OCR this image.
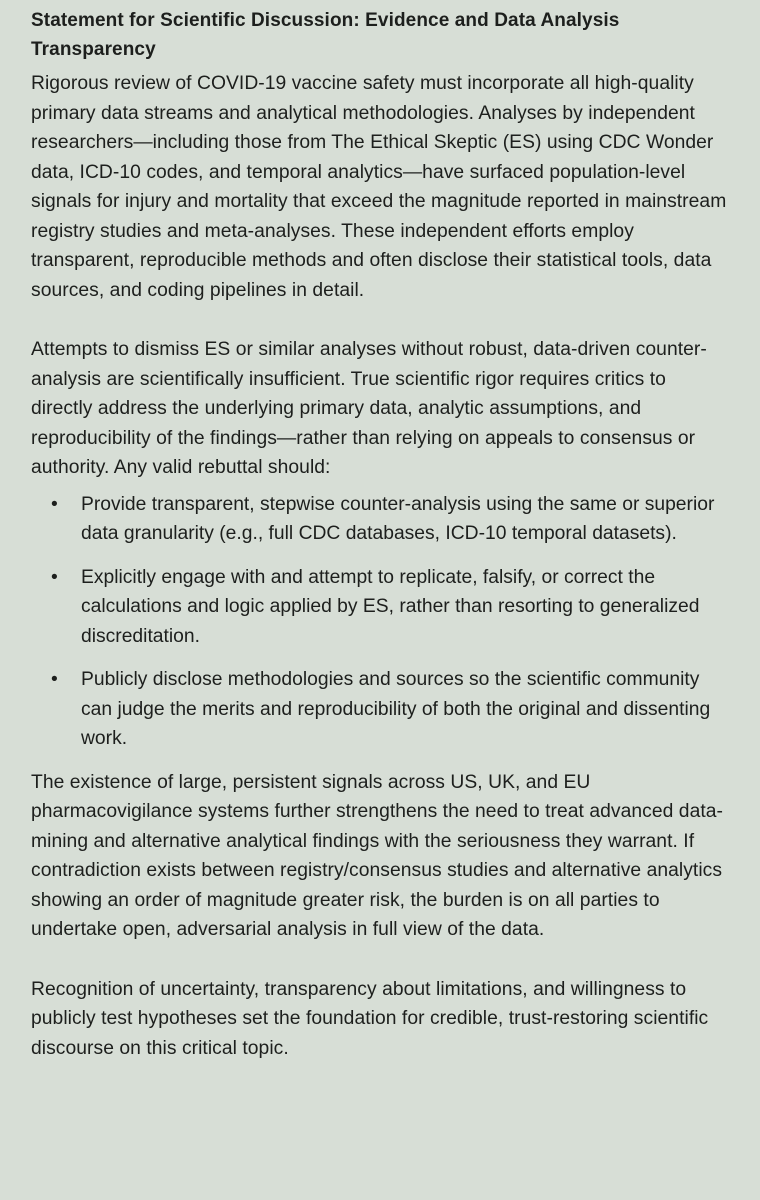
Statement for Scientific Discussion: Evidence and Data Analysis Transparency

Rigorous review of COVID-19 vaccine safety must incorporate all high-quality primary data streams and analytical methodologies. Analyses by independent researchers—including those from The Ethical Skeptic (ES) using CDC Wonder data, ICD-10 codes, and temporal analytics—have surfaced population-level signals for injury and mortality that exceed the magnitude reported in mainstream registry studies and meta-analyses. These independent efforts employ transparent, reproducible methods and often disclose their statistical tools, data sources, and coding pipelines in detail.

Attempts to dismiss ES or similar analyses without robust, data-driven counter-analysis are scientifically insufficient. True scientific rigor requires critics to directly address the underlying primary data, analytic assumptions, and reproducibility of the findings—rather than relying on appeals to consensus or authority. Any valid rebuttal should:

• Provide transparent, stepwise counter-analysis using the same or superior data granularity (e.g., full CDC databases, ICD-10 temporal datasets).
• Explicitly engage with and attempt to replicate, falsify, or correct the calculations and logic applied by ES, rather than resorting to generalized discreditation.
• Publicly disclose methodologies and sources so the scientific community can judge the merits and reproducibility of both the original and dissenting work.

The existence of large, persistent signals across US, UK, and EU pharmacovigilance systems further strengthens the need to treat advanced data-mining and alternative analytical findings with the seriousness they warrant. If contradiction exists between registry/consensus studies and alternative analytics showing an order of magnitude greater risk, the burden is on all parties to undertake open, adversarial analysis in full view of the data.

Recognition of uncertainty, transparency about limitations, and willingness to publicly test hypotheses set the foundation for credible, trust-restoring scientific discourse on this critical topic.
